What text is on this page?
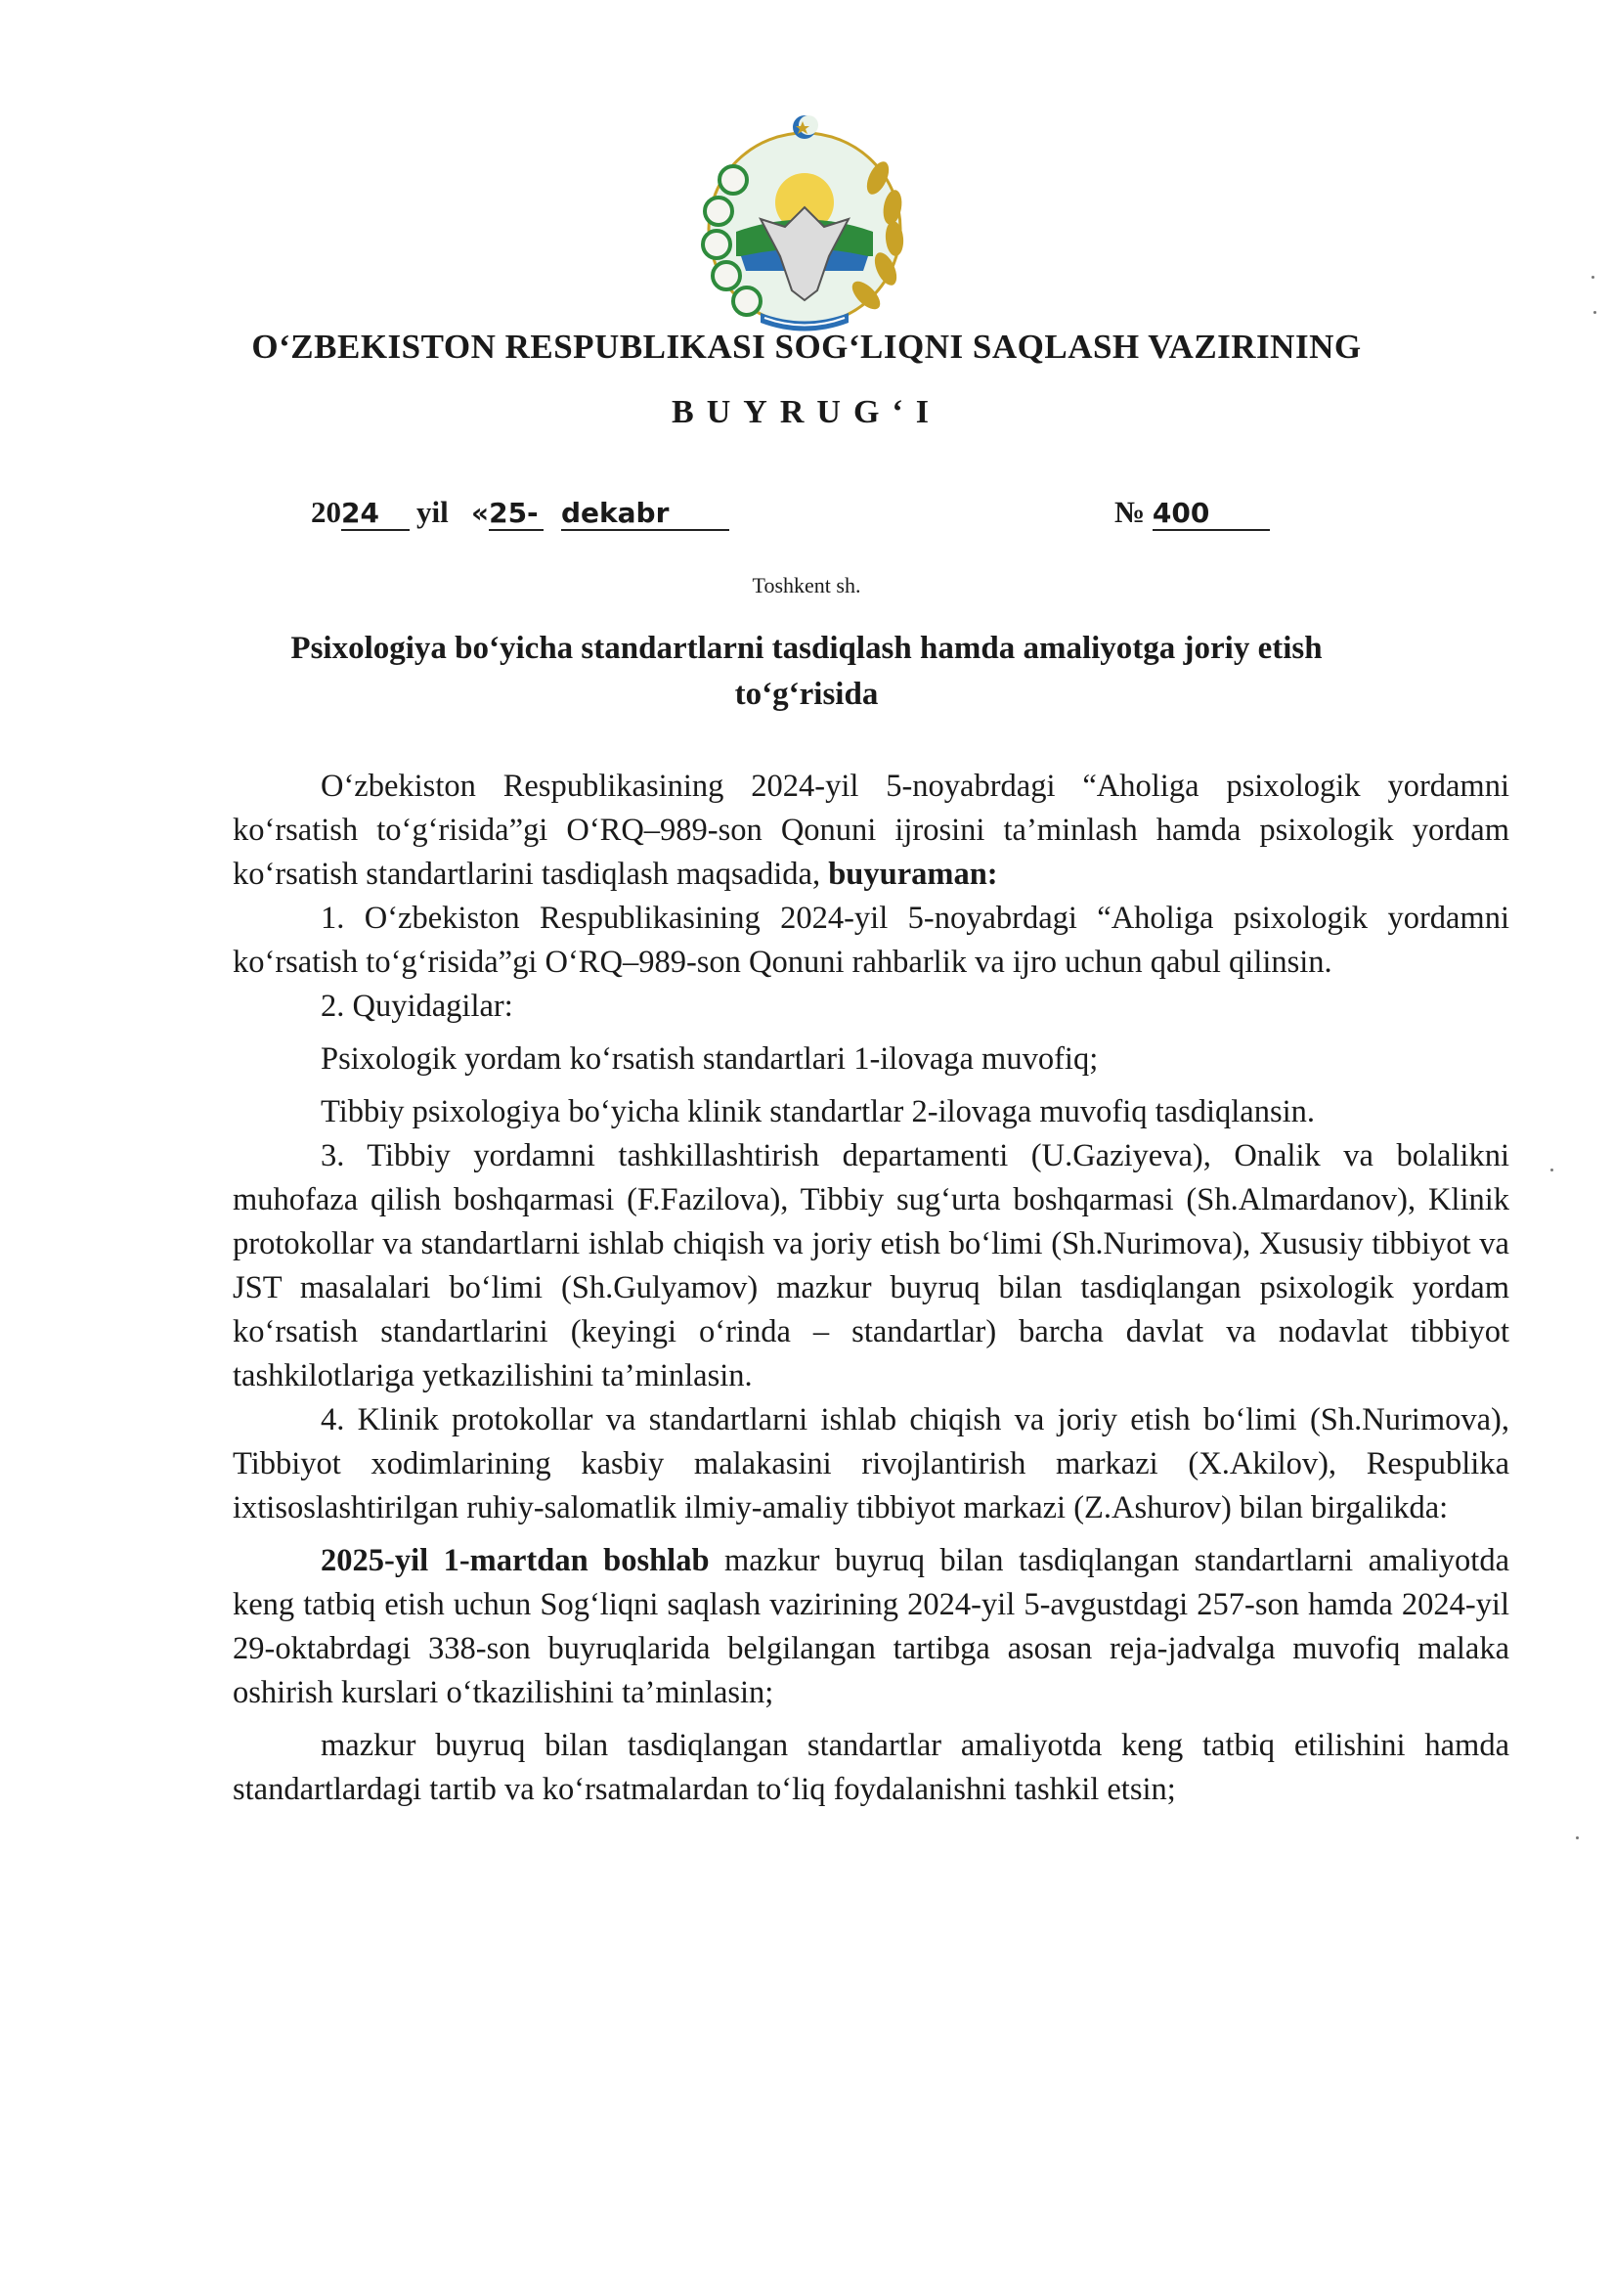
O‘ZBEKISTON RESPUBLIKASI SOG‘LIQNI SAQLASH VAZIRINING
BUYRUG‘I
2024	yil «25- dekabr	№ 400
Toshkent sh.
Psixologiya bo‘yicha standartlarni tasdiqlash hamda amaliyotga joriy etish
to‘g‘risida

O‘zbekiston Respublikasining 2024-yil 5-noyabrdagi “Aholiga psixologik yordamni ko‘rsatish to‘g‘risida”gi O‘RQ–989-son Qonuni ijrosini ta’minlash hamda psixologik yordam ko‘rsatish standartlarini tasdiqlash maqsadida, buyuraman:

1. O‘zbekiston Respublikasining 2024-yil 5-noyabrdagi “Aholiga psixologik yordamni ko‘rsatish to‘g‘risida”gi O‘RQ–989-son Qonuni rahbarlik va ijro uchun qabul qilinsin.

2. Quyidagilar:

Psixologik yordam ko‘rsatish standartlari 1-ilovaga muvofiq;

Tibbiy psixologiya bo‘yicha klinik standartlar 2-ilovaga muvofiq tasdiqlansin.

3. Tibbiy yordamni tashkillashtirish departamenti (U.Gaziyeva), Onalik va bolalikni muhofaza qilish boshqarmasi (F.Fazilova), Tibbiy sug‘urta boshqarmasi (Sh.Almardanov), Klinik protokollar va standartlarni ishlab chiqish va joriy etish bo‘limi (Sh.Nurimova), Xususiy tibbiyot va JST masalalari bo‘limi (Sh.Gulyamov) mazkur buyruq bilan tasdiqlangan psixologik yordam ko‘rsatish standartlarini (keyingi o‘rinda – standartlar) barcha davlat va nodavlat tibbiyot tashkilotlariga yetkazilishini ta’minlasin.

4. Klinik protokollar va standartlarni ishlab chiqish va joriy etish bo‘limi (Sh.Nurimova), Tibbiyot xodimlarining kasbiy malakasini rivojlantirish markazi (X.Akilov), Respublika ixtisoslashtirilgan ruhiy-salomatlik ilmiy-amaliy tibbiyot markazi (Z.Ashurov) bilan birgalikda:

2025-yil 1-martdan boshlab mazkur buyruq bilan tasdiqlangan standartlarni amaliyotda keng tatbiq etish uchun Sog‘liqni saqlash vazirining 2024-yil 5-avgustdagi 257-son hamda 2024-yil 29-oktabrdagi 338-son buyruqlarida belgilangan tartibga asosan reja-jadvalga muvofiq malaka oshirish kurslari o‘tkazilishini ta’minlasin;

mazkur buyruq bilan tasdiqlangan standartlar amaliyotda keng tatbiq etilishini hamda standartlardagi tartib va ko‘rsatmalardan to‘liq foydalanishni tashkil etsin;
